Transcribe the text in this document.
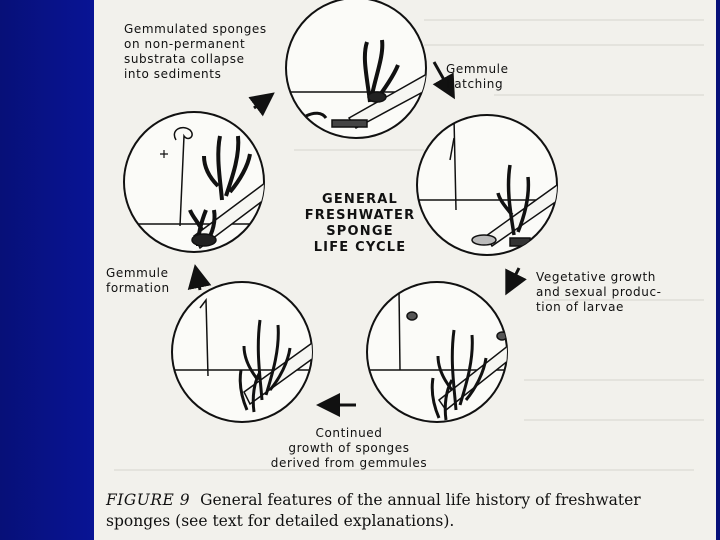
Gemmulated sponges
on non-permanent
substrata collapse
into sediments	Gemmule
hatching
Vegetative growth
and sexual produc-
tion of larvae
Continued
growth of sponges
derived from gemmules
Gemmule
formation
GENERAL
FRESHWATER
SPONGE
LIFE CYCLE
FIGURE 9 General features of the annual life history of freshwater
sponges (see text for detailed explanations).
